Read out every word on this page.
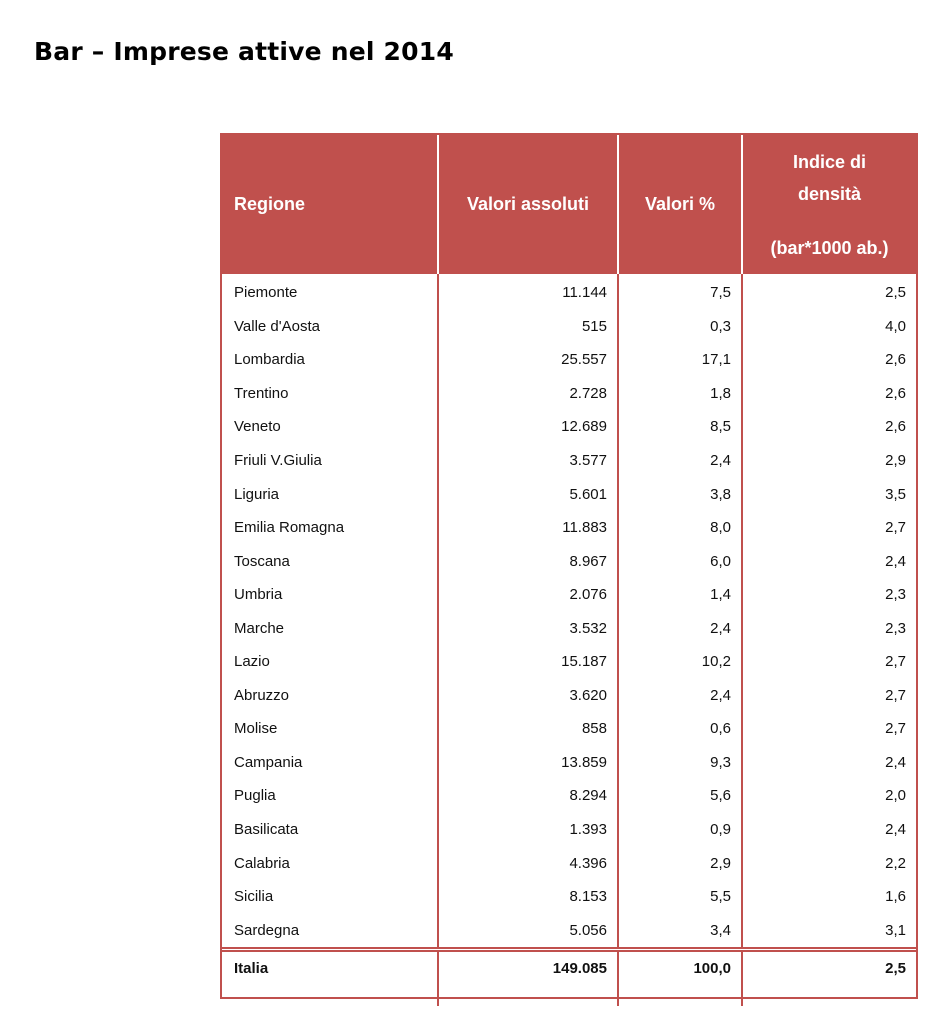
Bar – Imprese attive nel 2014
Regione	Valori assoluti	Valori %	Indice di
densità
(bar*1000 ab.)

Piemonte	11.144	7,5	2,5
Valle d'Aosta	515	0,3	4,0
Lombardia	25.557	17,1	2,6
Trentino	2.728	1,8	2,6
Veneto	12.689	8,5	2,6
Friuli V.Giulia	3.577	2,4	2,9
Liguria	5.601	3,8	3,5
Emilia Romagna	11.883	8,0	2,7
Toscana	8.967	6,0	2,4
Umbria	2.076	1,4	2,3
Marche	3.532	2,4	2,3
Lazio	15.187	10,2	2,7
Abruzzo	3.620	2,4	2,7
Molise	858	0,6	2,7
Campania	13.859	9,3	2,4
Puglia	8.294	5,6	2,0
Basilicata	1.393	0,9	2,4
Calabria	4.396	2,9	2,2
Sicilia	8.153	5,5	1,6
Sardegna	5.056	3,4	3,1
Italia	149.085	100,0	2,5
